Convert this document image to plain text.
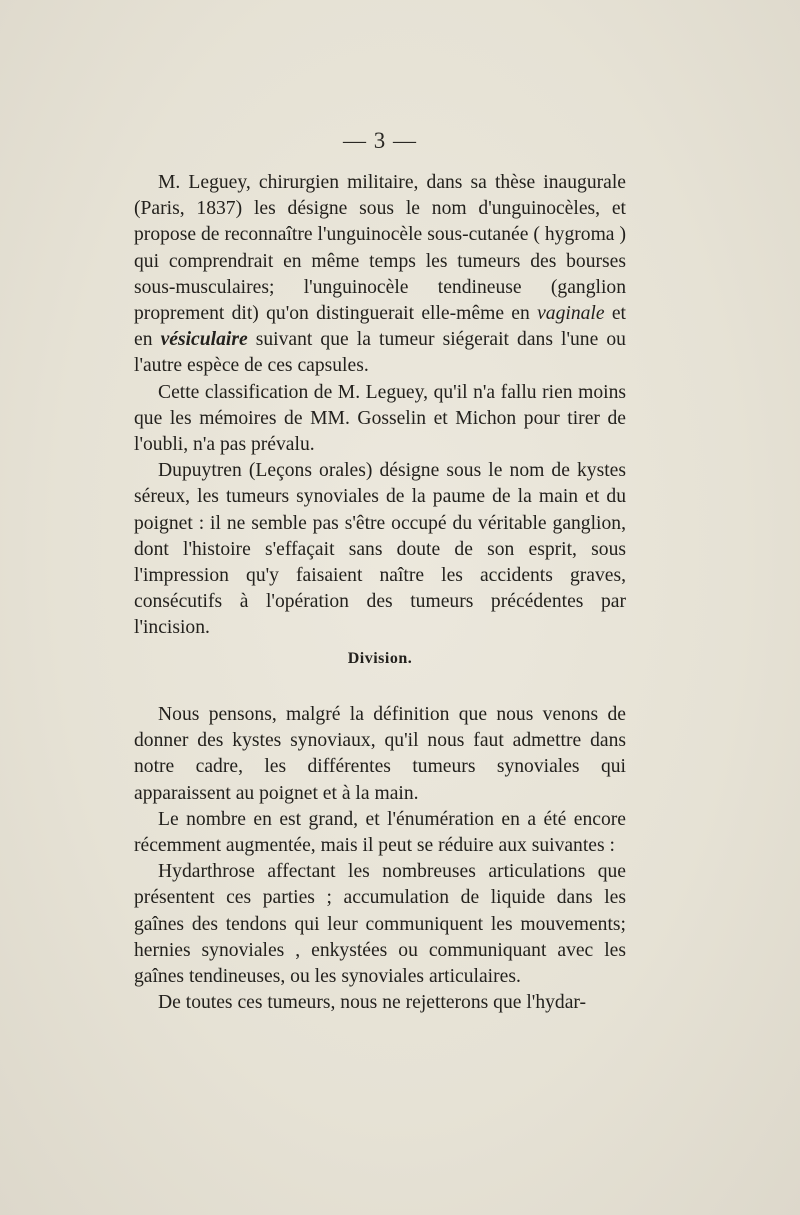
— 3 —

M. Leguey, chirurgien militaire, dans sa thèse inaugurale (Paris, 1837) les désigne sous le nom d'unguinocèles, et propose de reconnaître l'unguinocèle sous-cutanée ( hygroma ) qui comprendrait en même temps les tumeurs des bourses sous-musculaires; l'unguinocèle tendineuse (ganglion proprement dit) qu'on distinguerait elle-même en vaginale et en vésiculaire suivant que la tumeur siégerait dans l'une ou l'autre espèce de ces capsules.

Cette classification de M. Leguey, qu'il n'a fallu rien moins que les mémoires de MM. Gosselin et Michon pour tirer de l'oubli, n'a pas prévalu.

Dupuytren (Leçons orales) désigne sous le nom de kystes séreux, les tumeurs synoviales de la paume de la main et du poignet : il ne semble pas s'être occupé du véritable ganglion, dont l'histoire s'effaçait sans doute de son esprit, sous l'impression qu'y faisaient naître les accidents graves, consécutifs à l'opération des tumeurs précédentes par l'incision.

Division.

Nous pensons, malgré la définition que nous venons de donner des kystes synoviaux, qu'il nous faut admettre dans notre cadre, les différentes tumeurs synoviales qui apparaissent au poignet et à la main.

Le nombre en est grand, et l'énumération en a été encore récemment augmentée, mais il peut se réduire aux suivantes :

Hydarthrose affectant les nombreuses articulations que présentent ces parties ; accumulation de liquide dans les gaînes des tendons qui leur communiquent les mouvements; hernies synoviales , enkystées ou communiquant avec les gaînes tendineuses, ou les synoviales articulaires.

De toutes ces tumeurs, nous ne rejetterons que l'hydar-
